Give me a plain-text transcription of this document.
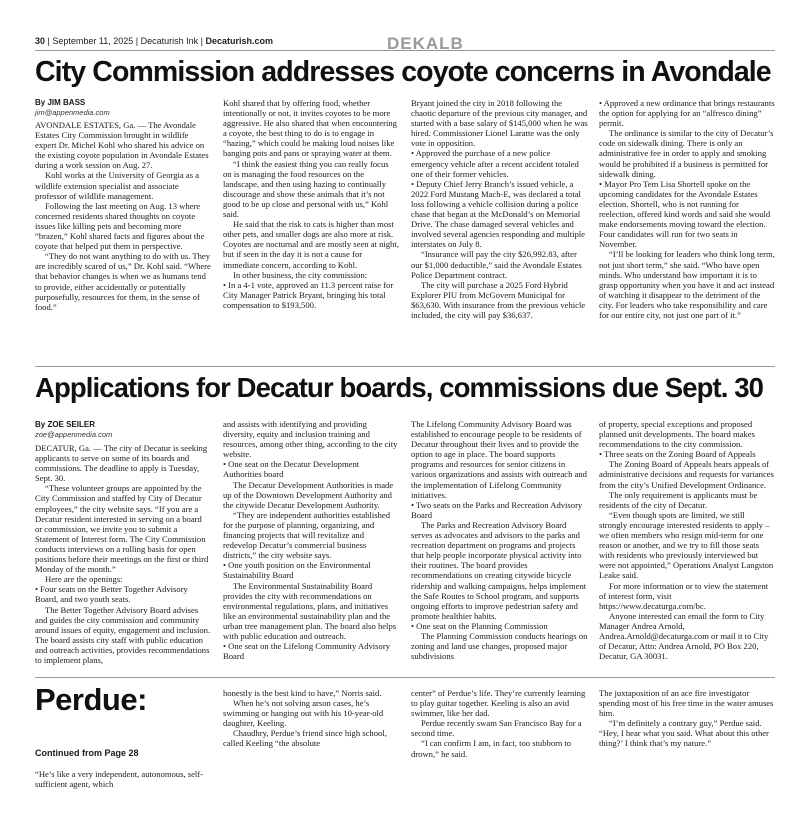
30 | September 11, 2025 | Decaturish Ink | Decaturish.com	DEKALB
City Commission addresses coyote concerns in Avondale
By JIM BASS
jim@appenmedia.com

AVONDALE ESTATES, Ga. — The Avondale Estates City Commission brought in wildlife expert Dr. Michel Kohl who shared his advice on the existing coyote population in Avondale Estates during a work session on Aug. 27.

Kohl works at the University of Georgia as a wildlife extension specialist and associate professor of wildlife management.

Following the last meeting on Aug. 13 where concerned residents shared thoughts on coyote issues like killing pets and becoming more “brazen,” Kohl shared facts and figures about the coyote that helped put them in perspective.

“They do not want anything to do with us. They are incredibly scared of us,” Dr. Kohl said. “Where that behavior changes is when we as humans tend to provide, either accidentally or potentially purposefully, resources for them, in the sense of food.”

Kohl shared that by offering food, whether intentionally or not, it invites coyotes to be more aggressive. He also shared that when encountering a coyote, the best thing to do is to engage in “hazing,” which could be making loud noises like banging pots and pans or spraying water at them.

“I think the easiest thing you can really focus on is managing the food resources on the landscape, and then using hazing to continually discourage and show these animals that it’s not good to be up close and personal with us,” Kohl said.

He said that the risk to cats is higher than most other pets, and smaller dogs are also more at risk. Coyotes are nocturnal and are mostly seen at night, but if seen in the day it is not a cause for immediate concern, according to Kohl.

In other business, the city commission:

• In a 4-1 vote, approved an 11.3 percent raise for City Manager Patrick Bryant, bringing his total compensation to $193,500.

Bryant joined the city in 2018 following the chaotic departure of the previous city manager, and started with a base salary of $145,000 when he was hired. Commissioner Lionel Laratte was the only vote in opposition.

• Approved the purchase of a new police emergency vehicle after a recent accident totaled one of their former vehicles.

• Deputy Chief Jerry Branch’s issued vehicle, a 2022 Ford Mustang Mach-E, was declared a total loss following a vehicle collision during a police chase that began at the McDonald’s on Memorial Drive. The chase damaged several vehicles and involved several agencies responding and multiple interstates on July 8.

“Insurance will pay the city $26,992.83, after our $1,000 deductible,” said the Avondale Estates Police Department contract.

The city will purchase a 2025 Ford Hybrid Explorer PIU from McGovern Municipal for $63,630. With insurance from the previous vehicle included, the city will pay $36,637.

• Approved a new ordinance that brings restaurants the option for applying for an “alfresco dining” permit.

The ordinance is similar to the city of Decatur’s code on sidewalk dining. There is only an administrative fee in order to apply and smoking would be prohibited if a business is permitted for sidewalk dining.

• Mayor Pro Tem Lisa Shortell spoke on the upcoming candidates for the Avondale Estates election. Shortell, who is not running for reelection, offered kind words and said she would make endorsements moving toward the election. Four candidates will run for two seats in November.

“I’ll be looking for leaders who think long term, not just short term,” she said. “Who have open minds. Who understand how important it is to grasp opportunity when you have it and act instead of watching it disappear to the detriment of the city. For leaders who take responsibility and care for our entire city, not just one part of it.”

Applications for Decatur boards, commissions due Sept. 30
By ZOE SEILER
zoe@appenmedia.com

DECATUR, Ga. — The city of Decatur is seeking applicants to serve on some of its boards and commissions. The deadline to apply is Tuesday, Sept. 30.

“These volunteer groups are appointed by the City Commission and staffed by City of Decatur employees,” the city website says. “If you are a Decatur resident interested in serving on a board or commission, we invite you to submit a Statement of Interest form. The City Commission conducts interviews on a rolling basis for open positions before their meetings on the first or third Monday of the month.”

Here are the openings:

• Four seats on the Better Together Advisory Board, and two youth seats.

The Better Together Advisory Board advises and guides the city commission and community around issues of equity, engagement and inclusion. The board assists city staff with public education and outreach activities, provides recommendations to implement plans,

and assists with identifying and providing diversity, equity and inclusion training and resources, among other thing, according to the city website.

• One seat on the Decatur Development Authorities board

The Decatur Development Authorities is made up of the Downtown Development Authority and the citywide Decatur Development Authority.

“They are independent authorities established for the purpose of planning, organizing, and financing projects that will revitalize and redevelop Decatur’s commercial business districts,” the city website says.

• One youth position on the Environmental Sustainability Board

The Environmental Sustainability Board provides the city with recommendations on environmental regulations, plans, and initiatives like an environmental sustainability plan and the urban tree management plan. The board also helps with public education and outreach.

• One seat on the Lifelong Community Advisory Board

The Lifelong Community Advisory Board was established to encourage people to be residents of Decatur throughout their lives and to provide the option to age in place. The board supports programs and resources for senior citizens in various organizations and assists with outreach and the implementation of Lifelong Community initiatives.

• Two seats on the Parks and Recreation Advisory Board

The Parks and Recreation Advisory Board serves as advocates and advisors to the parks and recreation department on programs and projects that help people incorporate physical activity into their routines. The board provides recommendations on creating citywide bicycle ridership and walking campaigns, helps implement the Safe Routes to School program, and supports ongoing efforts to improve pedestrian safety and promote healthier habits.

• One seat on the Planning Commission

The Planning Commission conducts hearings on zoning and land use changes, proposed major subdivisions

of property, special exceptions and proposed planned unit developments. The board makes recommendations to the city commission.

• Three seats on the Zoning Board of Appeals

The Zoning Board of Appeals hears appeals of administrative decisions and requests for variances from the city’s Unified Development Ordinance.

The only requirement is applicants must be residents of the city of Decatur.

“Even though spots are limited, we still strongly encourage interested residents to apply – we often members who resign mid-term for one reason or another, and we try to fill those seats with residents who previously interviewed but were not appointed,” Operations Analyst Langston Leake said.

For more information or to view the statement of interest form, visit https://www.decaturga.com/bc.

Anyone interested can email the form to City Manager Andrea Arnold, Andrea.Arnold@decaturga.com or mail it to City of Decatur, Attn: Andrea Arnold, PO Box 220, Decatur, GA 30031.

Perdue:
Continued from Page 28

“He’s like a very independent, autonomous, self-sufficient agent, which

honestly is the best kind to have,” Norris said.

When he’s not solving arson cases, he’s swimming or hanging out with his 10-year-old daughter, Keeling.

Chaudhry, Perdue’s friend since high school, called Keeling “the absolute

center” of Perdue’s life. They’re currently learning to play guitar together. Keeling is also an avid swimmer, like her dad.

Perdue recently swam San Francisco Bay for a second time.

“I can confirm I am, in fact, too stubborn to drown,” he said.

The juxtaposition of an ace fire investigator spending most of his free time in the water amuses him.

“I’m definitely a contrary guy,” Perdue said. “Hey, I hear what you said. What about this other thing?’ I think that’s my nature.”
